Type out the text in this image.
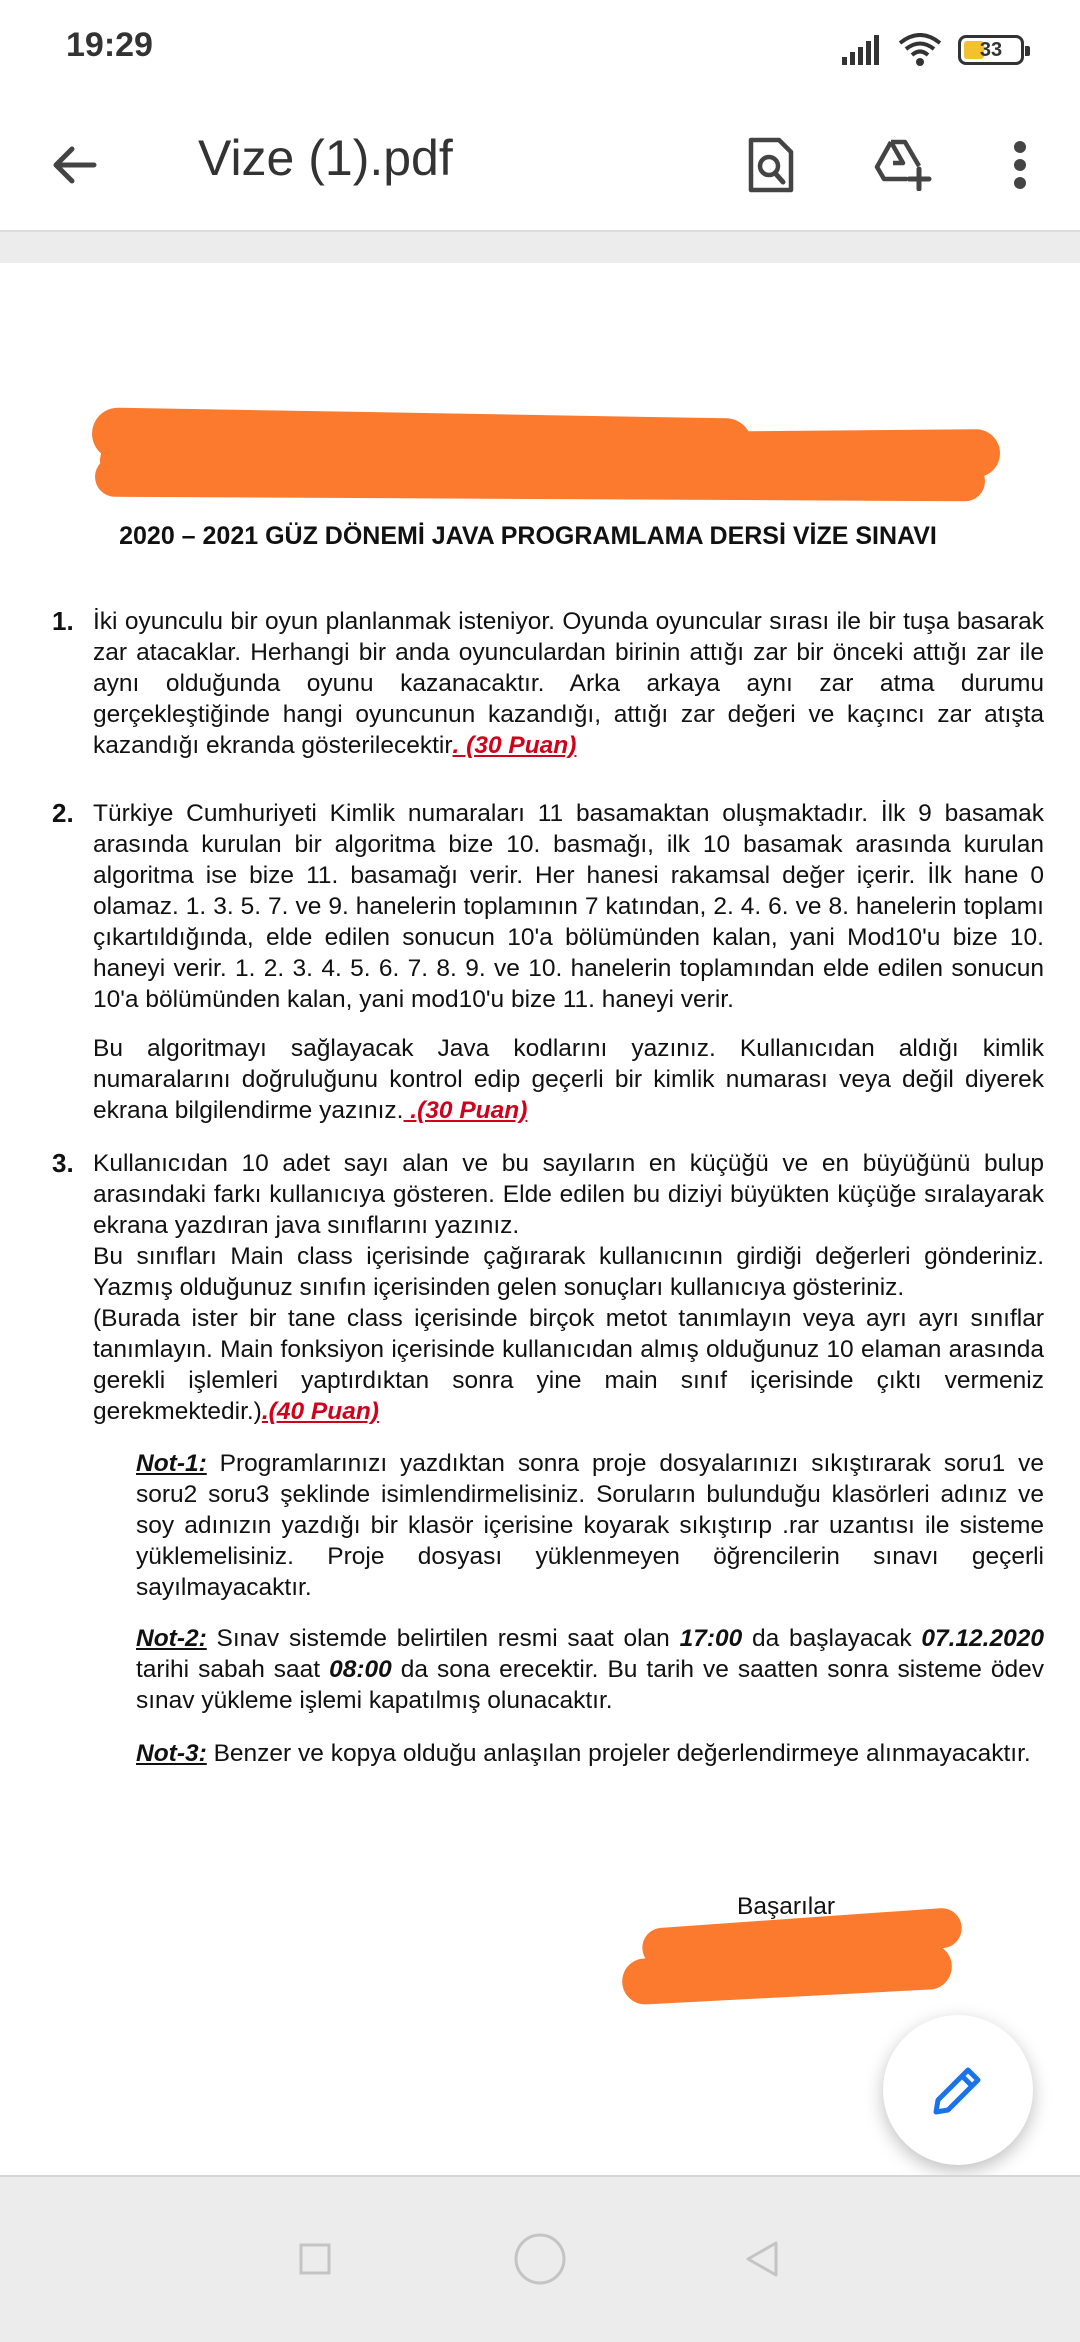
19:29	33
Vize (1).pdf
2020 – 2021 GÜZ DÖNEMİ JAVA PROGRAMLAMA DERSİ VİZE SINAVI
1. İki oyunculu bir oyun planlanmak isteniyor. Oyunda oyuncular sırası ile bir tuşa basarak zar atacaklar. Herhangi bir anda oyunculardan birinin attığı zar bir önceki attığı zar ile aynı olduğunda oyunu kazanacaktır. Arka arkaya aynı zar atma durumu gerçekleştiğinde hangi oyuncunun kazandığı, attığı zar değeri ve kaçıncı zar atışta kazandığı ekranda gösterilecektir. (30 Puan)
2. Türkiye Cumhuriyeti Kimlik numaraları 11 basamaktan oluşmaktadır. İlk 9 basamak arasında kurulan bir algoritma bize 10. basmağı, ilk 10 basamak arasında kurulan algoritma ise bize 11. basamağı verir. Her hanesi rakamsal değer içerir. İlk hane 0 olamaz. 1. 3. 5. 7. ve 9. hanelerin toplamının 7 katından, 2. 4. 6. ve 8. hanelerin toplamı çıkartıldığında, elde edilen sonucun 10'a bölümünden kalan, yani Mod10'u bize 10. haneyi verir. 1. 2. 3. 4. 5. 6. 7. 8. 9. ve 10. hanelerin toplamından elde edilen sonucun 10'a bölümünden kalan, yani mod10'u bize 11. haneyi verir.

Bu algoritmayı sağlayacak Java kodlarını yazınız. Kullanıcıdan aldığı kimlik numaralarını doğruluğunu kontrol edip geçerli bir kimlik numarası veya değil diyerek ekrana bilgilendirme yazınız. .(30 Puan)

3. Kullanıcıdan 10 adet sayı alan ve bu sayıların en küçüğü ve en büyüğünü bulup arasındaki farkı kullanıcıya gösteren. Elde edilen bu diziyi büyükten küçüğe sıralayarak ekrana yazdıran java sınıflarını yazınız.

Bu sınıfları Main class içerisinde çağırarak kullanıcının girdiği değerleri gönderiniz. Yazmış olduğunuz sınıfın içerisinden gelen sonuçları kullanıcıya gösteriniz.

(Burada ister bir tane class içerisinde birçok metot tanımlayın veya ayrı ayrı sınıflar tanımlayın. Main fonksiyon içerisinde kullanıcıdan almış olduğunuz 10 elaman arasında gerekli işlemleri yaptırdıktan sonra yine main sınıf içerisinde çıktı vermeniz gerekmektedir.).(40 Puan)

Not-1: Programlarınızı yazdıktan sonra proje dosyalarınızı sıkıştırarak soru1 ve soru2 soru3 şeklinde isimlendirmelisiniz. Soruların bulunduğu klasörleri adınız ve soy adınızın yazdığı bir klasör içerisine koyarak sıkıştırıp .rar uzantısı ile sisteme yüklemelisiniz. Proje dosyası yüklenmeyen öğrencilerin sınavı geçerli sayılmayacaktır.
Not-2: Sınav sistemde belirtilen resmi saat olan 17:00 da başlayacak 07.12.2020 tarihi sabah saat 08:00 da sona erecektir. Bu tarih ve saatten sonra sisteme ödev sınav yükleme işlemi kapatılmış olunacaktır.
Not-3: Benzer ve kopya olduğu anlaşılan projeler değerlendirmeye alınmayacaktır.
Başarılar
